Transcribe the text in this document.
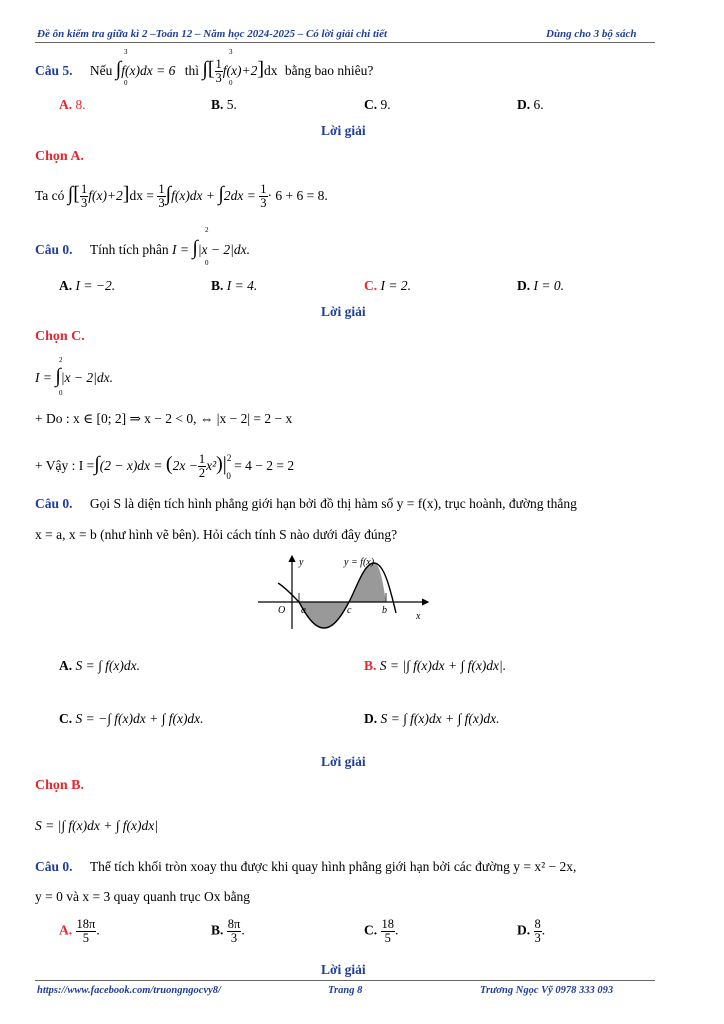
Đề ôn kiểm tra giữa kì 2 –Toán 12 – Năm học 2024-2025 – Có lời giải chi tiết	Dùng cho 3 bộ sách
Câu 5. Nếu ∫f(x)dx = 6 thì ∫[ $\frac{1}{3} f(x)+2]dx$ bằng bao nhiêu?
3
0
3
0
A. 8.	B. 5.	C. 9.	D. 6.
Lời giải
Chọn A.
Ta có ∫[ $\frac{1}{3} f(x)+2]dx = \frac{1}{3} \int f(x)dx + \int 2dx = \frac{1}{3} \cdot 6 + 6 = 8$.
Câu 0. Tính tích phân I = ∫|x − 2|dx.
2
0
A. I = −2.	B. I = 4.	C. I = 2.	D. I = 0.
Lời giải
Chọn C.
I = ∫|x − 2|dx.
2
0
+ Do : x ∈ [0; 2] ⇒ x − 2 < 0, ⇔ |x − 2| = 2 − x
+ Vậy : $I =\int(2 - x)dx = (2x - \frac{1}{2} x^2)|^20 = 4 - 2 = 2$
Câu 0. Gọi S là diện tích hình phẳng giới hạn bởi đồ thị hàm số y = f(x), trục hoành, đường thẳng
x = a, x = b (như hình vẽ bên). Hỏi cách tính S nào dưới đây đúng?
y	y = f(x)
O a	c	b
x
A. S = ∫ f(x)dx.	B. S = |∫ f(x)dx + ∫ f(x)dx|.
C. S = −∫ f(x)dx + ∫ f(x)dx.	D. S = ∫ f(x)dx + ∫ f(x)dx.
Lời giải
Chọn B.
S = |∫ f(x)dx + ∫ f(x)dx|
Câu 0. Thể tích khối tròn xoay thu được khi quay hình phẳng giới hạn bởi các đường y = x² − 2x,
y = 0 và x = 3 quay quanh trục Ox bằng
A. $\frac{18\pi}{5}$ .	B. $\frac{8\pi}{3}$ .	C. $\frac{18}{5}$ .	D. $\frac{8}{3}$ .
Lời giải
https://www.facebook.com/truongngocvy8/	Trang 8	Trương Ngọc Vỹ 0978 333 093
